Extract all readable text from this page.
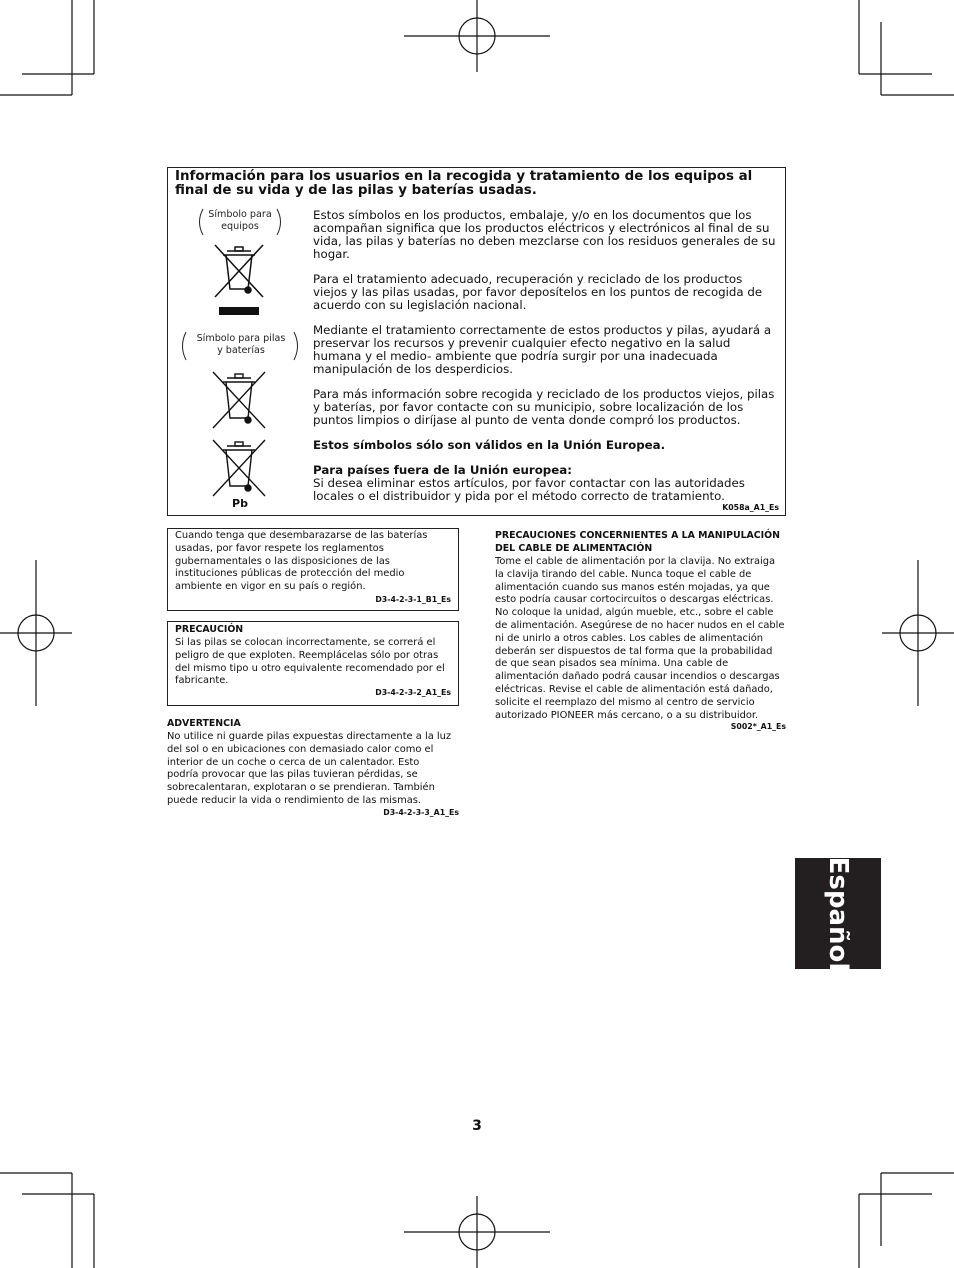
Información para los usuarios en la recogida y tratamiento de los equipos al final de su vida y de las pilas y baterías usadas.
Símbolo para equipos
Símbolo para pilas y baterías
Pb

Estos símbolos en los productos, embalaje, y/o en los documentos que los acompañan significa que los productos eléctricos y electrónicos al final de su vida, las pilas y baterías no deben mezclarse con los residuos generales de su hogar.

Para el tratamiento adecuado, recuperación y reciclado de los productos viejos y las pilas usadas, por favor deposítelos en los puntos de recogida de acuerdo con su legislación nacional.

Mediante el tratamiento correctamente de estos productos y pilas, ayudará a preservar los recursos y prevenir cualquier efecto negativo en la salud humana y el medio- ambiente que podría surgir por una inadecuada manipulación de los desperdicios.

Para más información sobre recogida y reciclado de los productos viejos, pilas y baterías, por favor contacte con su municipio, sobre localización de los puntos limpios o diríjase al punto de venta donde compró los productos.

Estos símbolos sólo son válidos en la Unión Europea.

Para países fuera de la Unión europea:

Si desea eliminar estos artículos, por favor contactar con las autoridades locales o el distribuidor y pida por el método correcto de tratamiento.

K058a_A1_Es

Cuando tenga que desembarazarse de las baterías usadas, por favor respete los reglamentos gubernamentales o las disposiciones de las instituciones públicas de protección del medio ambiente en vigor en su país o región.

D3-4-2-3-1_B1_Es

PRECAUCIÓN

Si las pilas se colocan incorrectamente, se correrá el peligro de que exploten. Reemplácelas sólo por otras del mismo tipo u otro equivalente recomendado por el fabricante.

D3-4-2-3-2_A1_Es

ADVERTENCIA

No utilice ni guarde pilas expuestas directamente a la luz del sol o en ubicaciones con demasiado calor como el interior de un coche o cerca de un calentador. Esto podría provocar que las pilas tuvieran pérdidas, se sobrecalentaran, explotaran o se prendieran. También puede reducir la vida o rendimiento de las mismas.

D3-4-2-3-3_A1_Es

PRECAUCIONES CONCERNIENTES A LA MANIPULACIÓN DEL CABLE DE ALIMENTACIÓN

Tome el cable de alimentación por la clavija. No extraiga la clavija tirando del cable. Nunca toque el cable de alimentación cuando sus manos estén mojadas, ya que esto podría causar cortocircuitos o descargas eléctricas. No coloque la unidad, algún mueble, etc., sobre el cable de alimentación. Asegúrese de no hacer nudos en el cable ni de unirlo a otros cables. Los cables de alimentación deberán ser dispuestos de tal forma que la probabilidad de que sean pisados sea mínima. Una cable de alimentación dañado podrá causar incendios o descargas eléctricas. Revise el cable de alimentación está dañado, solicite el reemplazo del mismo al centro de servicio autorizado PIONEER más cercano, o a su distribuidor.

S002*_A1_Es
Español
3
